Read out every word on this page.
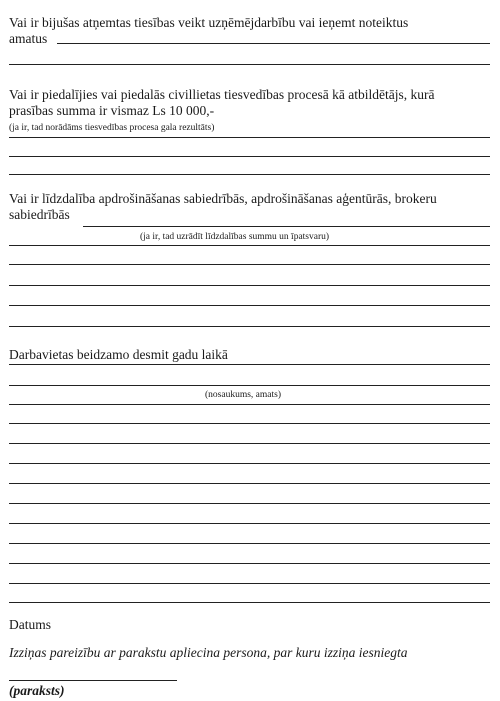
Vai ir bijušas atņemtas tiesības veikt uzņēmējdarbību vai ieņemt noteiktus
amatus
Vai ir piedalījies vai piedalās civillietas tiesvedības procesā kā atbildētājs, kurā
prasības summa ir vismaz Ls 10 000,-
(ja ir, tad norādāms tiesvedības procesa gala rezultāts)
Vai ir līdzdalība apdrošināšanas sabiedrībās, apdrošināšanas aģentūrās, brokeru
sabiedrībās
(ja ir, tad uzrādīt līdzdalības summu un īpatsvaru)
Darbavietas beidzamo desmit gadu laikā
(nosaukums, amats)
Datums
Izziņas pareizību ar parakstu apliecina persona, par kuru izziņa iesniegta
(paraksts)
